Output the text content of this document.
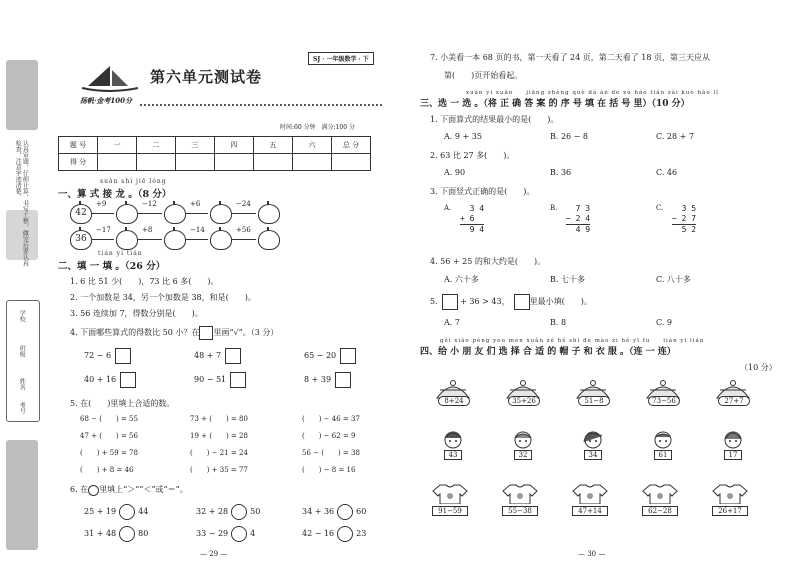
认真审题，仔细计算，书写工整，做完后要认真检查，注意字迹清楚。
学校
班级
姓名
考号
扬帆·金考100分
第六单元测试卷
SJ · 一年级数学 · 下
时间:60 分钟　满分:100 分
题 号	一	二	三	四	五	六	总 分
得 分							
suàn shì jiē lóng
一、算 式 接 龙 。（8 分）
42
+9	−12	+6	−24
36
−17	+8	−14	+56
tián yi tián
二、填 一 填 。（26 分）
1. 6 比 51 少(　　)，73 比 6 多(　　)。
2. 一个加数是 34，另一个加数是 38，和是(　　)。
3. 56 连续加 7，得数分别是(　　)。
4. 下面哪些算式的得数比 50 小？在 里画“√”。（3 分）
72 − 6	48 + 7	65 − 20
40 + 16	90 − 51	8 + 39
5. 在(　　)里填上合适的数。
68 − (　　) = 55	73 + (　　) = 80	(　　) − 46 = 37
47 + (　　) = 56	19 + (　　) = 28	(　　) − 62 = 9
(　　) + 59 = 78	(　　) − 21 = 24	56 − (　　) = 38
(　　) + 8 = 46	(　　) + 35 = 77	(　　) − 8 = 16
6. 在 里填上“＞”“＜”或“＝”。
25 + 19	44	32 + 28	50	34 + 36	60
31 + 48	80	33 − 29	4	42 − 16	23
— 29 —
7. 小美看一本 68 页的书，第一天看了 24 页，第二天看了 18 页，第三天应从
第(　　)页开始看起。
xuǎn yi xuǎn　　jiāng zhèng què dá àn de xù hào tián zài kuò hào lǐ
三、选 一 选 。（将 正 确 答 案 的 序 号 填 在 括 号 里）（10 分）
1. 下面算式的结果最小的是(　　)。
A. 9 + 35	B. 26 − 8	C. 28 + 7
2. 63 比 27 多(　　)。
A. 90	B. 36	C. 46
3. 下面竖式正确的是(　　)。
A. 3 4
+ 6
9 4
B. 7 3
− 2 4
4 9
C. 3 5
− 2 7
5 2
4. 56 + 25 的和大约是(　　)。
A. 六十多	B. 七十多	C. 八十多
5.	+ 36 > 43，	里最小填(　　)。
A. 7	B. 8	C. 9
gěi xiǎo péng you men xuǎn zé hé shì de mào zi hé yī fu　　lián yi lián
四、给 小 朋 友 们 选 择 合 适 的 帽 子 和 衣 服 。（连 一 连）
（10 分）
8+24	35+26	51−8	73−56	27+7
43	32	34	61	17
91−59	55−38	47+14	62−28	26+17
— 30 —
